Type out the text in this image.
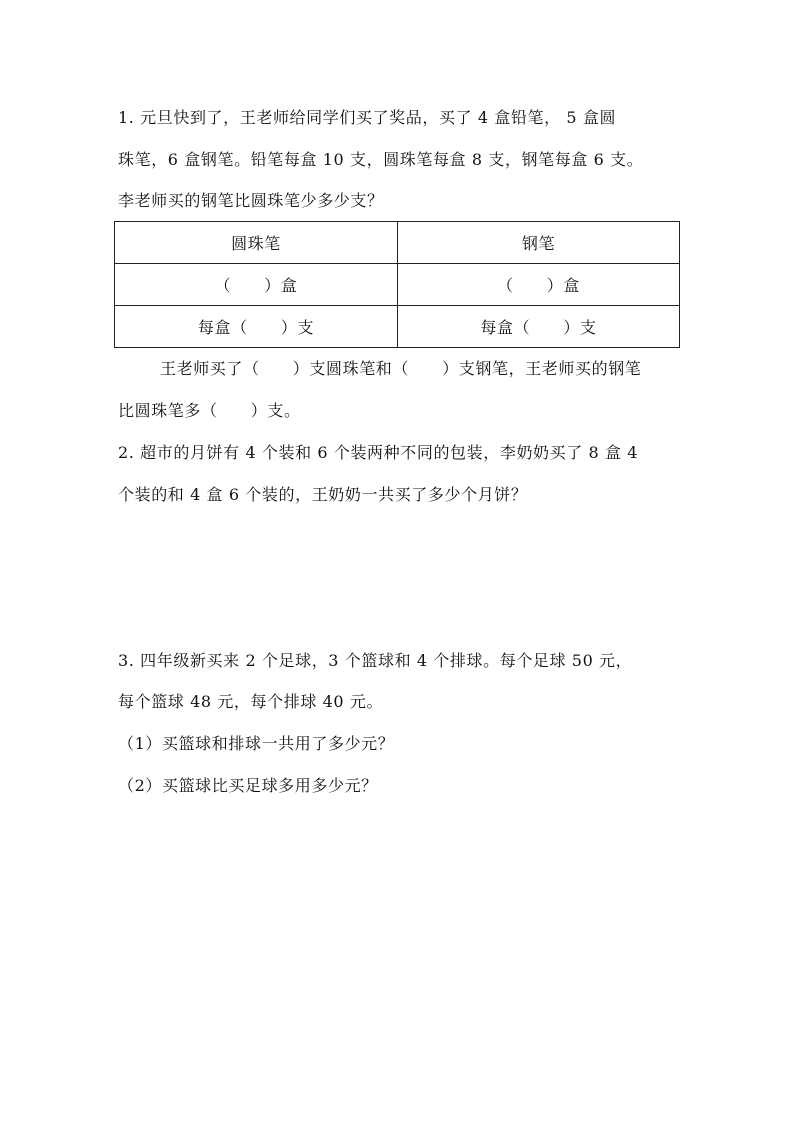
1. 元旦快到了，王老师给同学们买了奖品，买了 4 盒铅笔， 5 盒圆
珠笔，6 盒钢笔。铅笔每盒 10 支，圆珠笔每盒 8 支，钢笔每盒 6 支。
李老师买的钢笔比圆珠笔少多少支？
圆珠笔	钢笔
（　　）盒	（　　）盒
每盒（　　）支	每盒（　　）支
王老师买了（　　）支圆珠笔和（　　）支钢笔，王老师买的钢笔
比圆珠笔多（　　）支。
2. 超市的月饼有 4 个装和 6 个装两种不同的包装，李奶奶买了 8 盒 4
个装的和 4 盒 6 个装的，王奶奶一共买了多少个月饼？
3. 四年级新买来 2 个足球，3 个篮球和 4 个排球。每个足球 50 元，
每个篮球 48 元，每个排球 40 元。
（1）买篮球和排球一共用了多少元？
（2）买篮球比买足球多用多少元？
